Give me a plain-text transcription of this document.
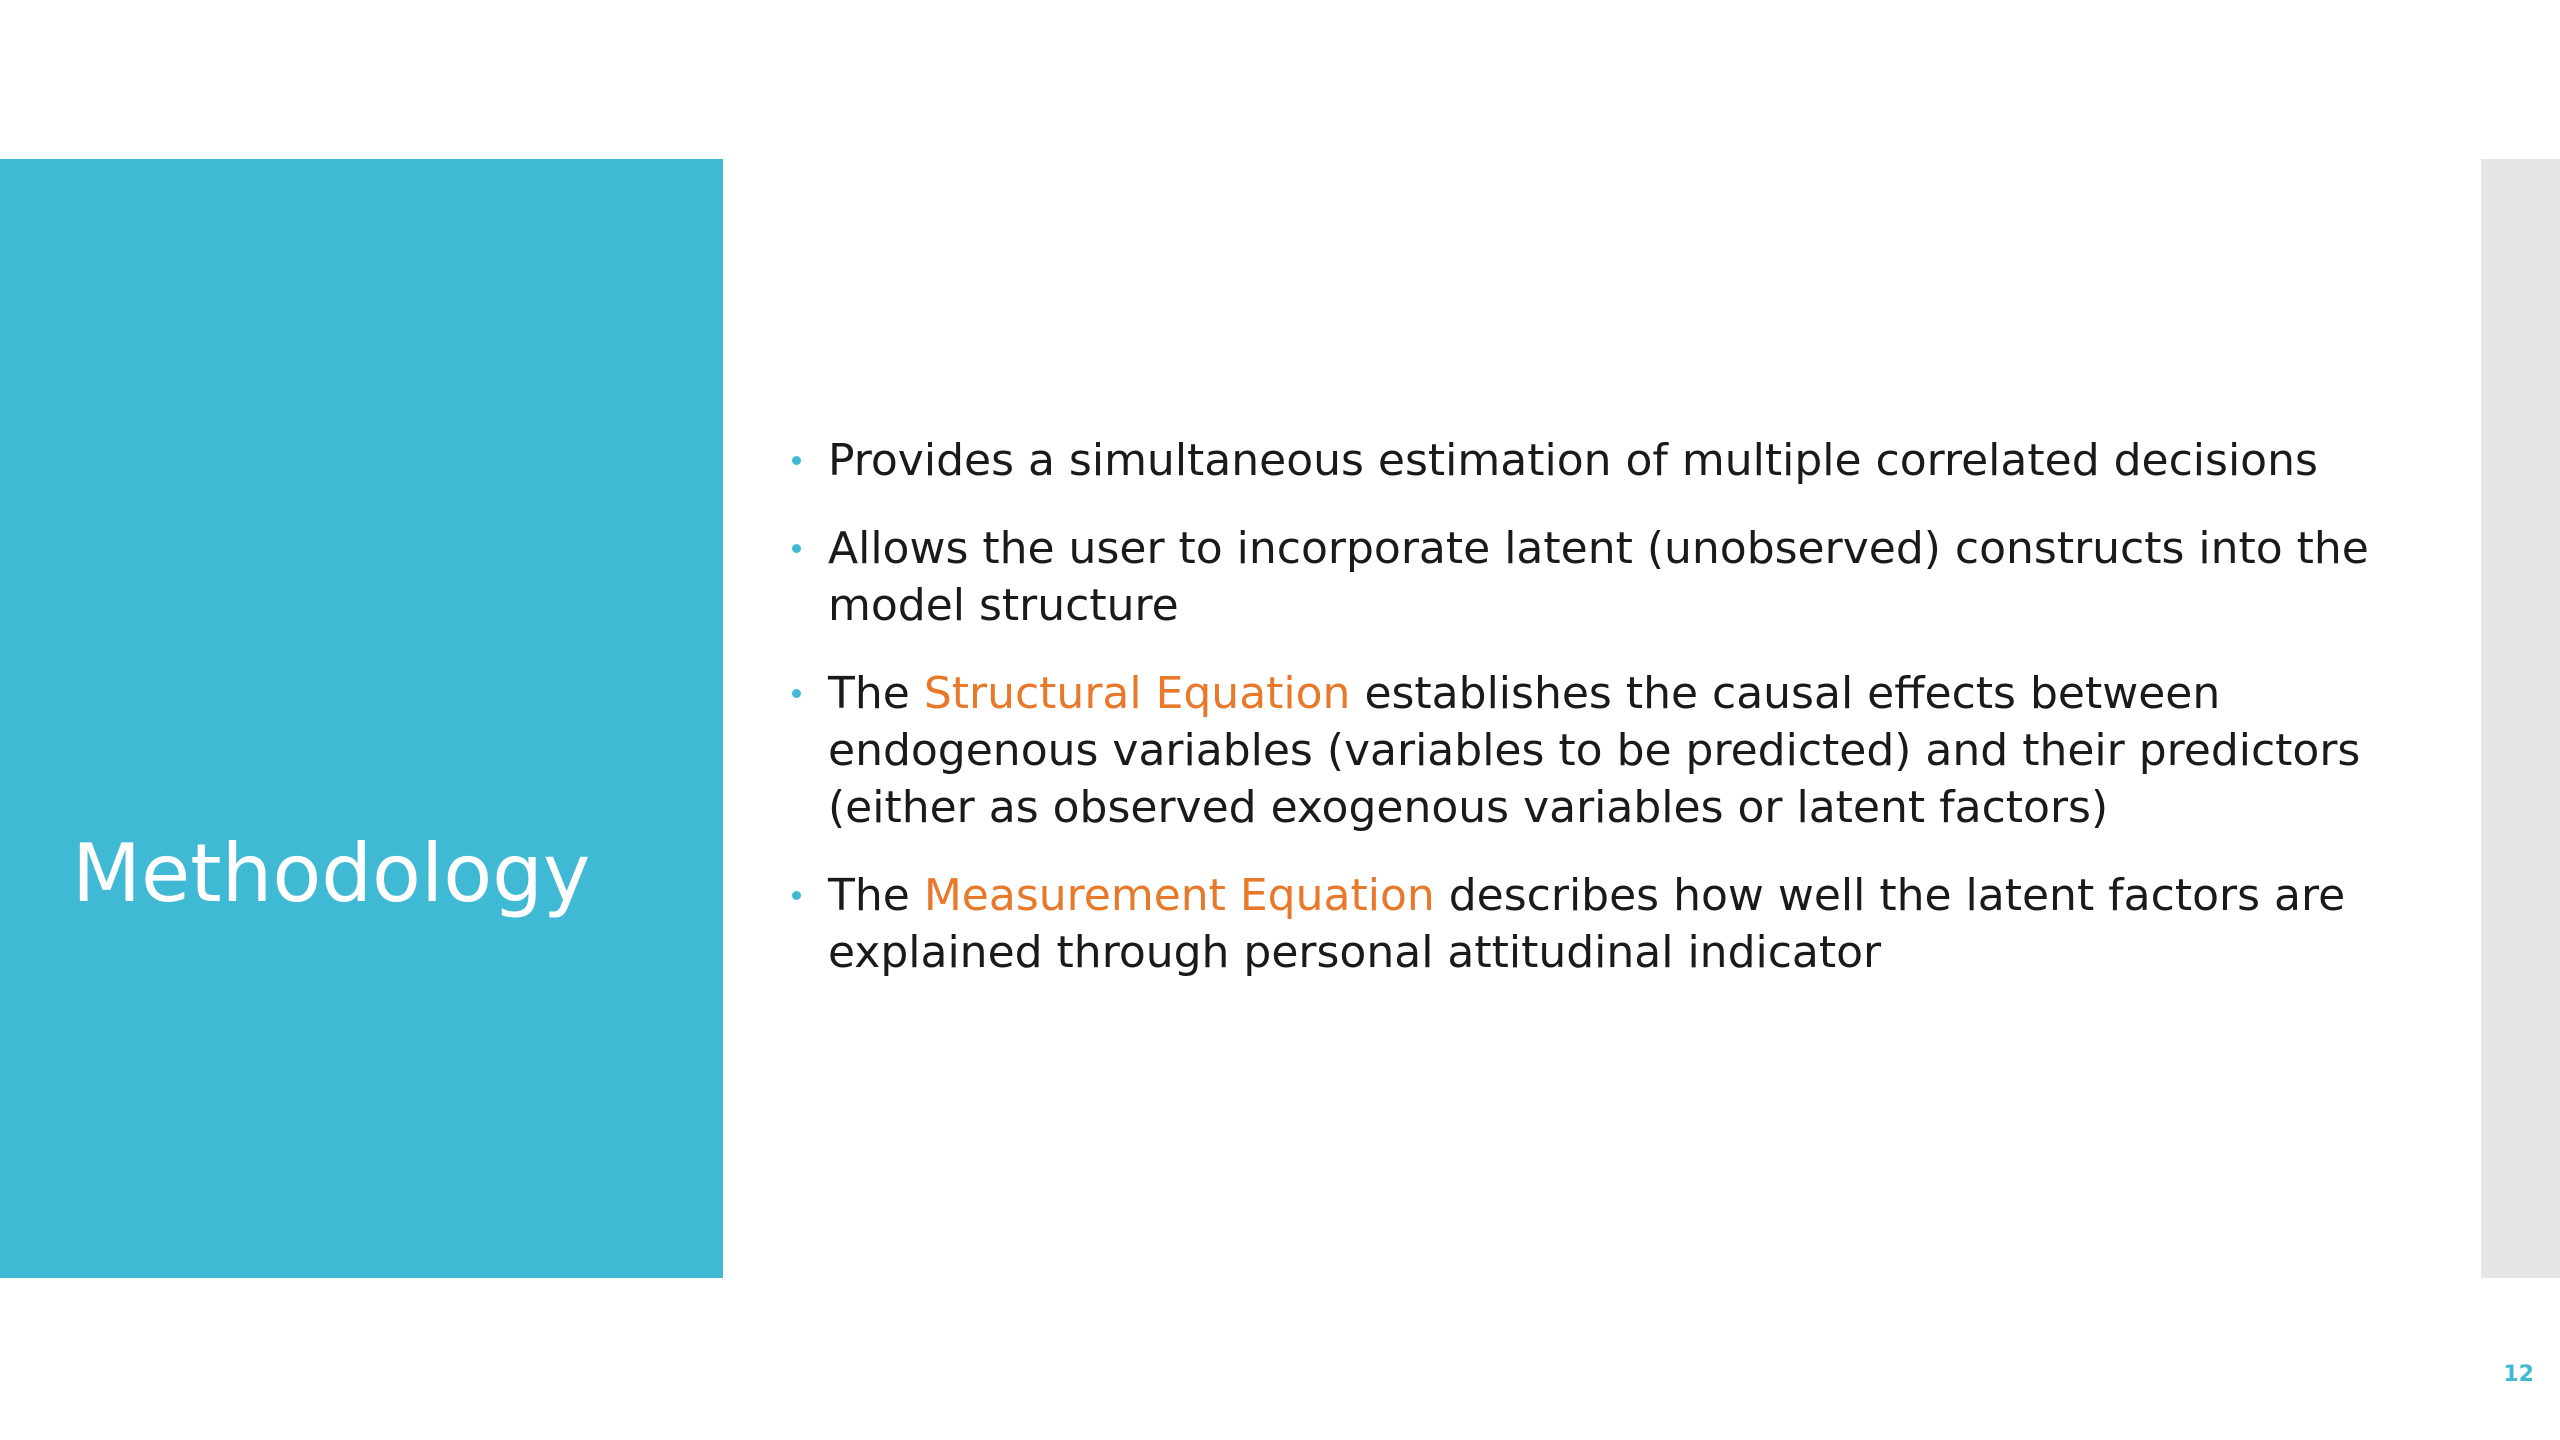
Methodology
Provides a simultaneous estimation of multiple correlated decisions
Allows the user to incorporate latent (unobserved) constructs into the model structure
The Structural Equation establishes the causal effects between endogenous variables (variables to be predicted) and their predictors (either as observed exogenous variables or latent factors)
The Measurement Equation describes how well the latent factors are explained through personal attitudinal indicator
12
